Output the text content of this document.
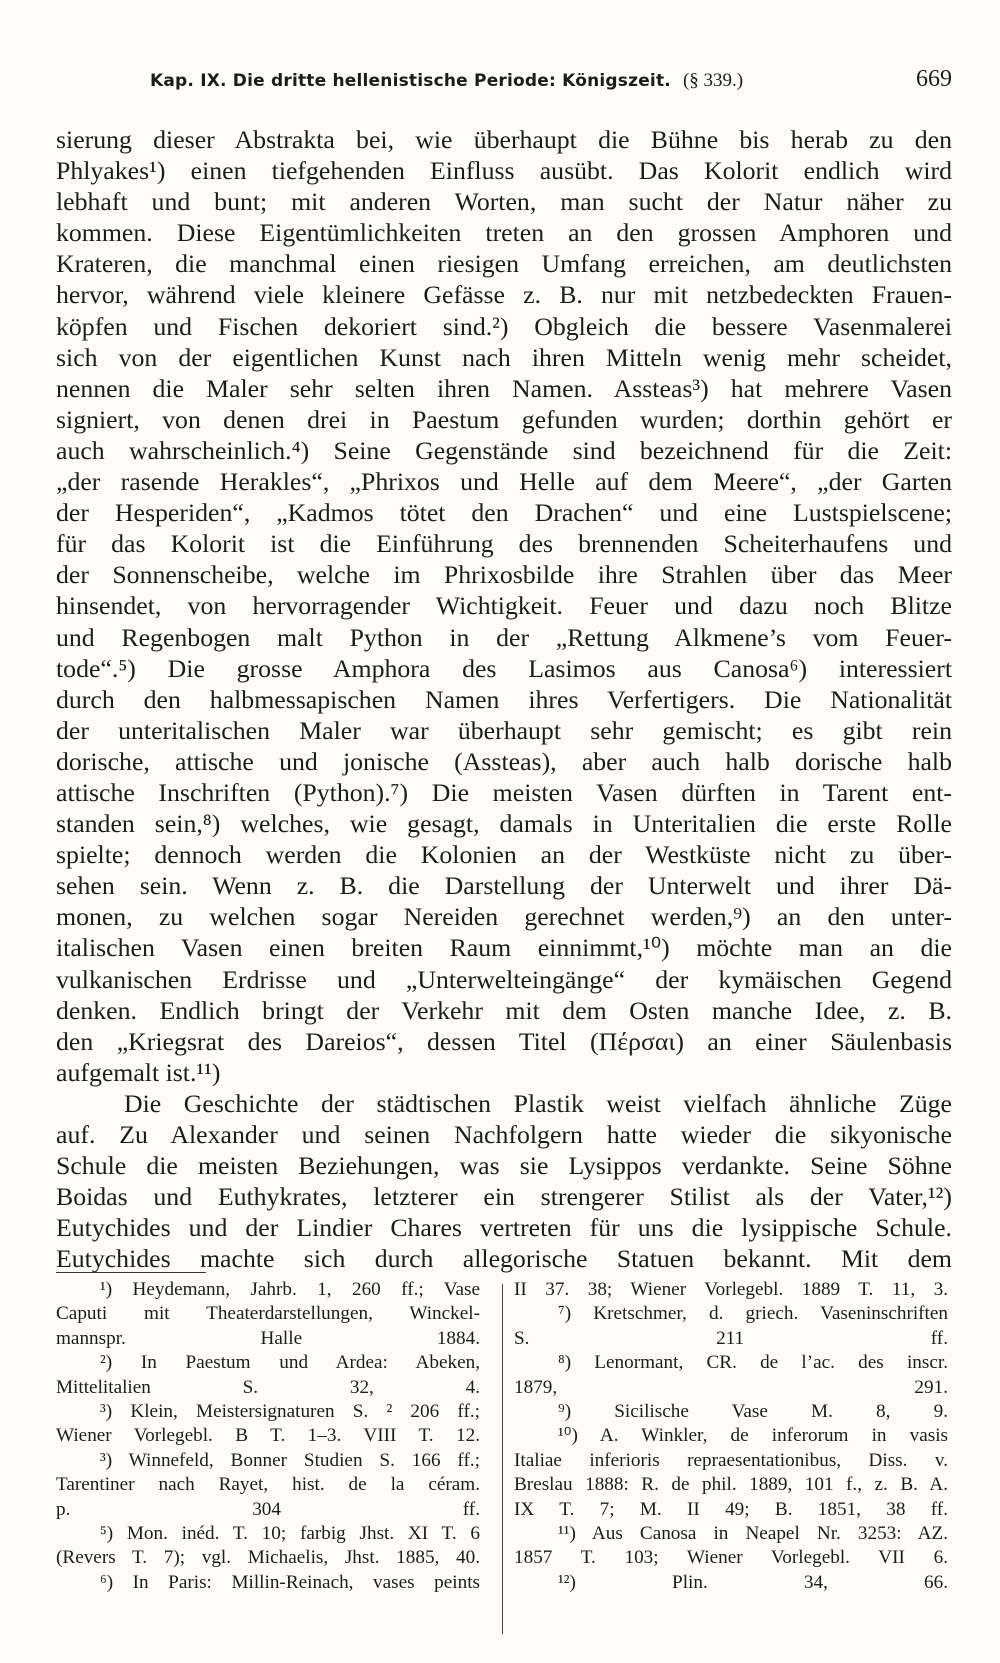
Kap. IX. Die dritte hellenistische Periode: Königszeit. (§ 339.)	669

sierung dieser Abstrakta bei, wie überhaupt die Bühne bis herab zu den
Phlyakes¹) einen tiefgehenden Einfluss ausübt. Das Kolorit endlich wird
lebhaft und bunt; mit anderen Worten, man sucht der Natur näher zu
kommen. Diese Eigentümlichkeiten treten an den grossen Amphoren und
Krateren, die manchmal einen riesigen Umfang erreichen, am deutlichsten
hervor, während viele kleinere Gefässe z. B. nur mit netzbedeckten Frauen-
köpfen und Fischen dekoriert sind.²) Obgleich die bessere Vasenmalerei
sich von der eigentlichen Kunst nach ihren Mitteln wenig mehr scheidet,
nennen die Maler sehr selten ihren Namen. Assteas³) hat mehrere Vasen
signiert, von denen drei in Paestum gefunden wurden; dorthin gehört er
auch wahrscheinlich.⁴) Seine Gegenstände sind bezeichnend für die Zeit:
„der rasende Herakles“, „Phrixos und Helle auf dem Meere“, „der Garten
der Hesperiden“, „Kadmos tötet den Drachen“ und eine Lustspielscene;
für das Kolorit ist die Einführung des brennenden Scheiterhaufens und
der Sonnenscheibe, welche im Phrixosbilde ihre Strahlen über das Meer
hinsendet, von hervorragender Wichtigkeit. Feuer und dazu noch Blitze
und Regenbogen malt Python in der „Rettung Alkmene’s vom Feuer-
tode“.⁵) Die grosse Amphora des Lasimos aus Canosa⁶) interessiert
durch den halbmessapischen Namen ihres Verfertigers. Die Nationalität
der unteritalischen Maler war überhaupt sehr gemischt; es gibt rein
dorische, attische und jonische (Assteas), aber auch halb dorische halb
attische Inschriften (Python).⁷) Die meisten Vasen dürften in Tarent ent-
standen sein,⁸) welches, wie gesagt, damals in Unteritalien die erste Rolle
spielte; dennoch werden die Kolonien an der Westküste nicht zu über-
sehen sein. Wenn z. B. die Darstellung der Unterwelt und ihrer Dä-
monen, zu welchen sogar Nereiden gerechnet werden,⁹) an den unter-
italischen Vasen einen breiten Raum einnimmt,¹⁰) möchte man an die
vulkanischen Erdrisse und „Unterwelteingänge“ der kymäischen Gegend
denken. Endlich bringt der Verkehr mit dem Osten manche Idee, z. B.
den „Kriegsrat des Dareios“, dessen Titel (Πέρσαι) an einer Säulenbasis
aufgemalt ist.¹¹)

Die Geschichte der städtischen Plastik weist vielfach ähnliche Züge
auf. Zu Alexander und seinen Nachfolgern hatte wieder die sikyonische
Schule die meisten Beziehungen, was sie Lysippos verdankte. Seine Söhne
Boidas und Euthykrates, letzterer ein strengerer Stilist als der Vater,¹²)
Eutychides und der Lindier Chares vertreten für uns die lysippische Schule.
Eutychides machte sich durch allegorische Statuen bekannt. Mit dem

¹) Heydemann, Jahrb. 1, 260 ff.; Vase
Caputi mit Theaterdarstellungen, Winckel-
mannspr. Halle 1884.
²) In Paestum und Ardea: Abeken,
Mittelitalien S. 32, 4.
³) Klein, Meistersignaturen S. ² 206 ff.;
Wiener Vorlegebl. B T. 1–3. VIII T. 12.
³) Winnefeld, Bonner Studien S. 166 ff.;
Tarentiner nach Rayet, hist. de la céram.
p. 304 ff.
⁵) Mon. inéd. T. 10; farbig Jhst. XI T. 6
(Revers T. 7); vgl. Michaelis, Jhst. 1885, 40.
⁶) In Paris: Millin-Reinach, vases peints
II 37. 38; Wiener Vorlegebl. 1889 T. 11, 3.
⁷) Kretschmer, d. griech. Vaseninschriften
S. 211 ff.
⁸) Lenormant, CR. de l’ac. des inscr.
1879, 291.
⁹) Sicilische Vase M. 8, 9.
¹⁰) A. Winkler, de inferorum in vasis
Italiae inferioris repraesentationibus, Diss. v.
Breslau 1888: R. de phil. 1889, 101 f., z. B. A.
IX T. 7; M. II 49; B. 1851, 38 ff.
¹¹) Aus Canosa in Neapel Nr. 3253: AZ.
1857 T. 103; Wiener Vorlegebl. VII 6.
¹²) Plin. 34, 66.
